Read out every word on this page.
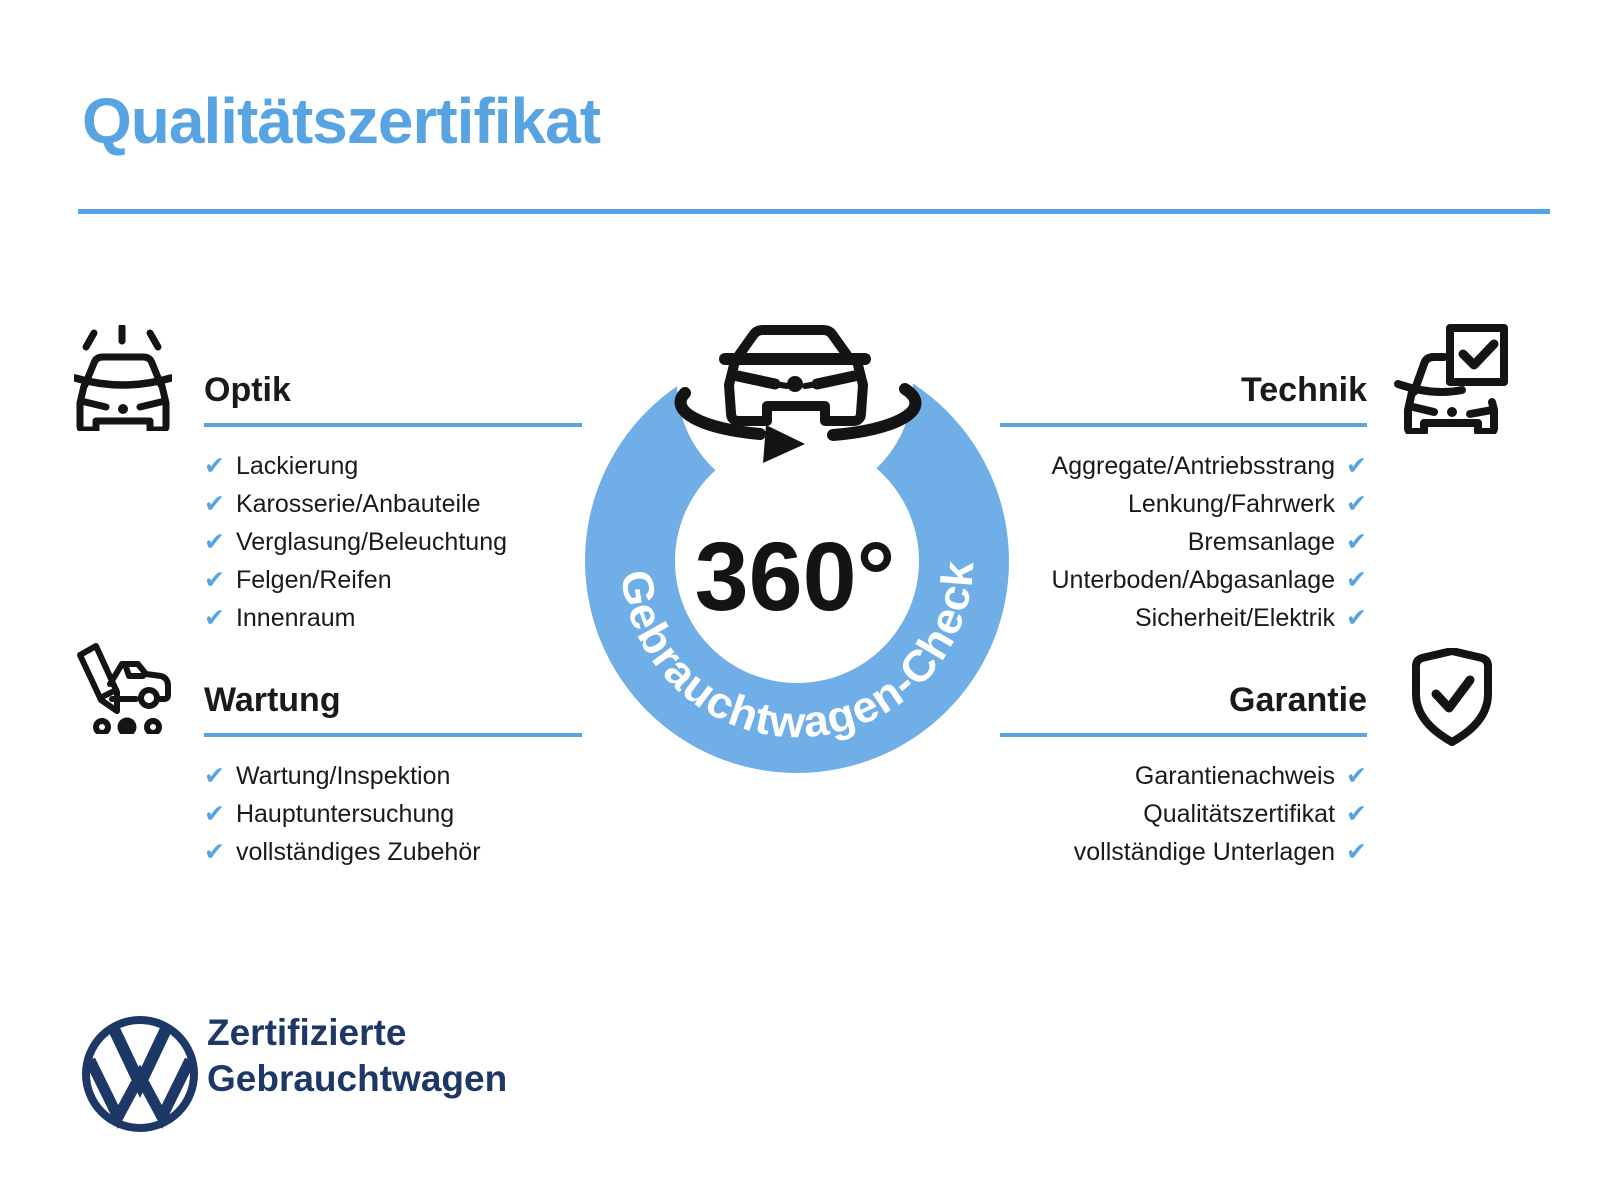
Qualitätszertifikat
Gebrauchtwagen-Check
360°
Optik
✔ Lackierung
✔ Karosserie/Anbauteile
✔ Verglasung/Beleuchtung
✔ Felgen/Reifen
✔ Innenraum
Wartung
✔ Wartung/Inspektion
✔ Hauptuntersuchung
✔ vollständiges Zubehör
Technik
✔
Aggregate/Antriebsstrang
✔
Lenkung/Fahrwerk
✔
Bremsanlage
✔
Unterboden/Abgasanlage
✔
Sicherheit/Elektrik
Garantie
✔
Garantienachweis
✔
Qualitätszertifikat
✔
vollständige Unterlagen
Zertifizierte
Gebrauchtwagen
